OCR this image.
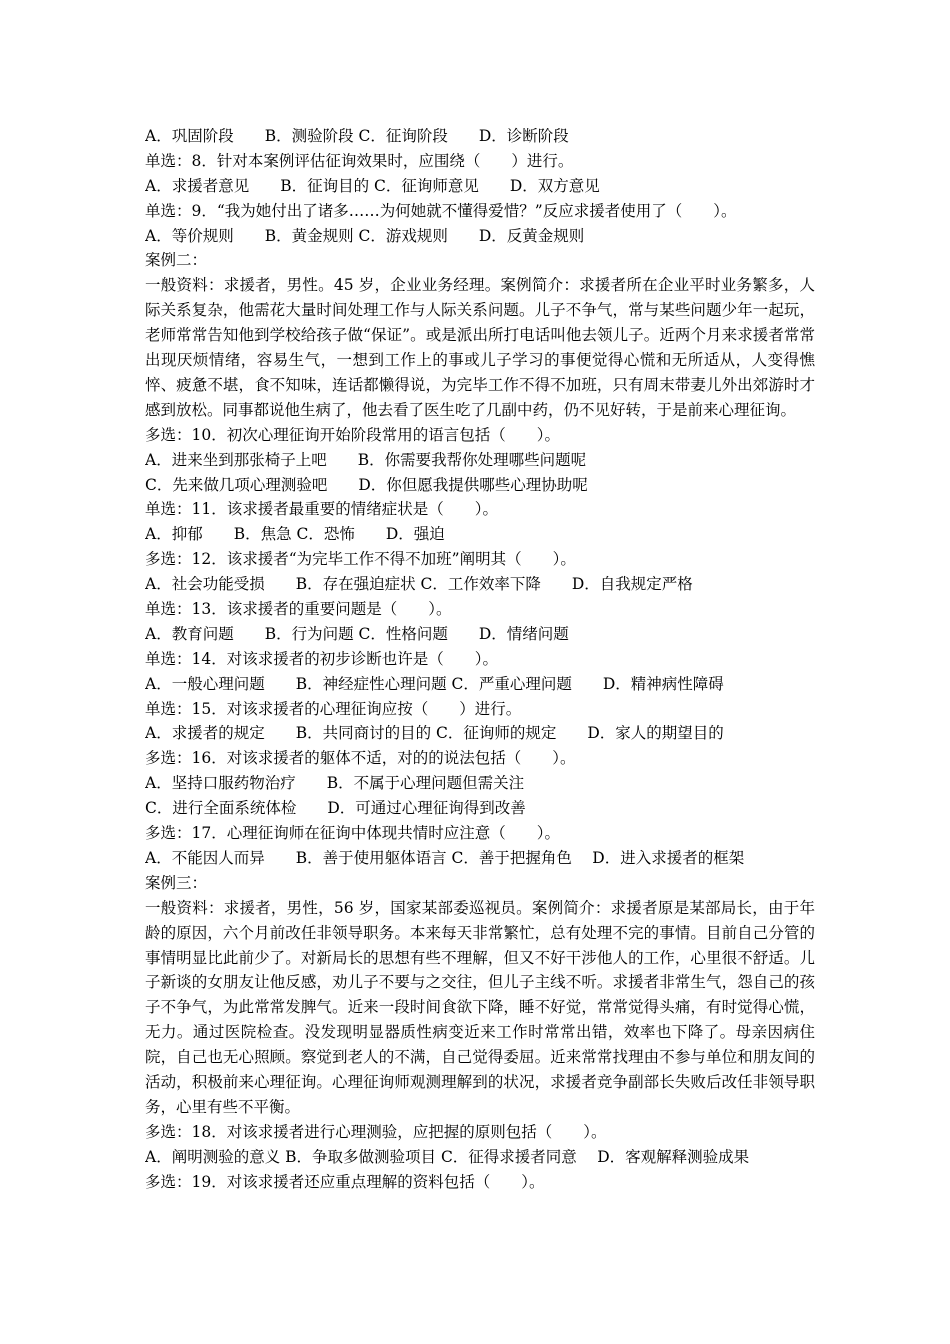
A．巩固阶段　　B．测验阶段 C．征询阶段　　D．诊断阶段
单选：8．针对本案例评估征询效果时，应围绕（　　）进行。
A．求援者意见　　B．征询目的 C．征询师意见　　D．双方意见
单选：9．“我为她付出了诸多……为何她就不懂得爱惜？”反应求援者使用了（　　）。
A．等价规则　　B．黄金规则 C．游戏规则　　D．反黄金规则
案例二：
一般资料：求援者，男性。45 岁，企业业务经理。案例简介：求援者所在企业平时业务繁多，人际关系复杂，他需花大量时间处理工作与人际关系问题。儿子不争气，常与某些问题少年一起玩，老师常常告知他到学校给孩子做“保证”。或是派出所打电话叫他去领儿子。近两个月来求援者常常出现厌烦情绪，容易生气，一想到工作上的事或儿子学习的事便觉得心慌和无所适从，人变得憔悴、疲惫不堪，食不知味，连话都懒得说，为完毕工作不得不加班，只有周末带妻儿外出郊游时才感到放松。同事都说他生病了，他去看了医生吃了几副中药，仍不见好转，于是前来心理征询。
多选：10．初次心理征询开始阶段常用的语言包括（　　）。
A．进来坐到那张椅子上吧　　B．你需要我帮你处理哪些问题呢
C．先来做几项心理测验吧　　D．你但愿我提供哪些心理协助呢
单选：11．该求援者最重要的情绪症状是（　　）。
A．抑郁　　B．焦急 C．恐怖　　D．强迫
多选：12．该求援者“为完毕工作不得不加班”阐明其（　　）。
A．社会功能受损　　B．存在强迫症状 C．工作效率下降　　D．自我规定严格
单选：13．该求援者的重要问题是（　　）。
A．教育问题　　B．行为问题 C．性格问题　　D．情绪问题
单选：14．对该求援者的初步诊断也许是（　　）。
A．一般心理问题　　B．神经症性心理问题 C．严重心理问题　　D．精神病性障碍
单选：15．对该求援者的心理征询应按（　　）进行。
A．求援者的规定　　B．共同商讨的目的 C．征询师的规定　　D．家人的期望目的
多选：16．对该求援者的躯体不适，对的的说法包括（　　）。
A．坚持口服药物治疗　　B．不属于心理问题但需关注
C．进行全面系统体检　　D．可通过心理征询得到改善
多选：17．心理征询师在征询中体现共情时应注意（　　）。
A．不能因人而异　　B．善于使用躯体语言 C．善于把握角色　 D．进入求援者的框架
案例三：
一般资料：求援者，男性，56 岁，国家某部委巡视员。案例简介：求援者原是某部局长，由于年龄的原因，六个月前改任非领导职务。本来每天非常繁忙，总有处理不完的事情。目前自己分管的事情明显比此前少了。对新局长的思想有些不理解，但又不好干涉他人的工作，心里很不舒适。儿子新谈的女朋友让他反感，劝儿子不要与之交往，但儿子主线不听。求援者非常生气，怨自己的孩子不争气，为此常常发脾气。近来一段时间食欲下降，睡不好觉，常常觉得头痛，有时觉得心慌，无力。通过医院检查。没发现明显器质性病变近来工作时常常出错，效率也下降了。母亲因病住院，自己也无心照顾。察觉到老人的不满，自己觉得委屈。近来常常找理由不参与单位和朋友间的活动，积极前来心理征询。心理征询师观测理解到的状况，求援者竞争副部长失败后改任非领导职务，心里有些不平衡。
多选：18．对该求援者进行心理测验，应把握的原则包括（　　）。
A．阐明测验的意义 B．争取多做测验项目 C．征得求援者同意　 D．客观解释测验成果
多选：19．对该求援者还应重点理解的资料包括（　　）。
